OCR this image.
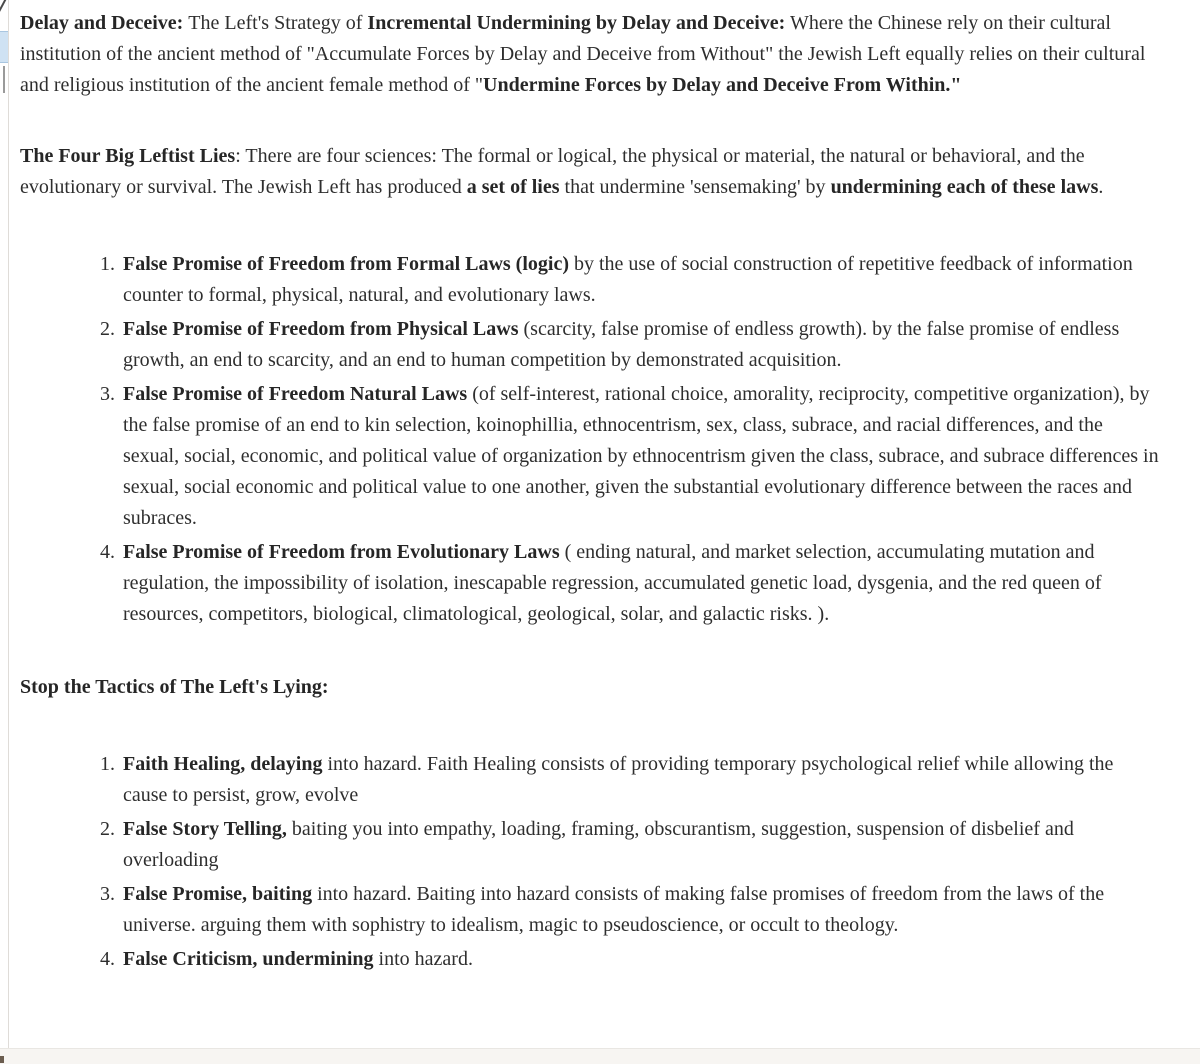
Delay and Deceive: The Left's Strategy of Incremental Undermining by Delay and Deceive: Where the Chinese rely on their cultural institution of the ancient method of "Accumulate Forces by Delay and Deceive from Without" the Jewish Left equally relies on their cultural and religious institution of the ancient female method of "Undermine Forces by Delay and Deceive From Within."

The Four Big Leftist Lies: There are four sciences: The formal or logical, the physical or material, the natural or behavioral, and the evolutionary or survival. The Jewish Left has produced a set of lies that undermine 'sensemaking' by undermining each of these laws.

1. False Promise of Freedom from Formal Laws (logic) by the use of social construction of repetitive feedback of information counter to formal, physical, natural, and evolutionary laws.
2. False Promise of Freedom from Physical Laws (scarcity, false promise of endless growth). by the false promise of endless growth, an end to scarcity, and an end to human competition by demonstrated acquisition.
3. False Promise of Freedom Natural Laws (of self-interest, rational choice, amorality, reciprocity, competitive organization), by the false promise of an end to kin selection, koinophillia, ethnocentrism, sex, class, subrace, and racial differences, and the sexual, social, economic, and political value of organization by ethnocentrism given the class, subrace, and subrace differences in sexual, social economic and political value to one another, given the substantial evolutionary difference between the races and subraces.
4. False Promise of Freedom from Evolutionary Laws ( ending natural, and market selection, accumulating mutation and regulation, the impossibility of isolation, inescapable regression, accumulated genetic load, dysgenia, and the red queen of resources, competitors, biological, climatological, geological, solar, and galactic risks. ).

Stop the Tactics of The Left's Lying:

1. Faith Healing, delaying into hazard. Faith Healing consists of providing temporary psychological relief while allowing the cause to persist, grow, evolve
2. False Story Telling, baiting you into empathy, loading, framing, obscurantism, suggestion, suspension of disbelief and overloading
3. False Promise, baiting into hazard. Baiting into hazard consists of making false promises of freedom from the laws of the universe. arguing them with sophistry to idealism, magic to pseudoscience, or occult to theology.
4. False Criticism, undermining into hazard.
